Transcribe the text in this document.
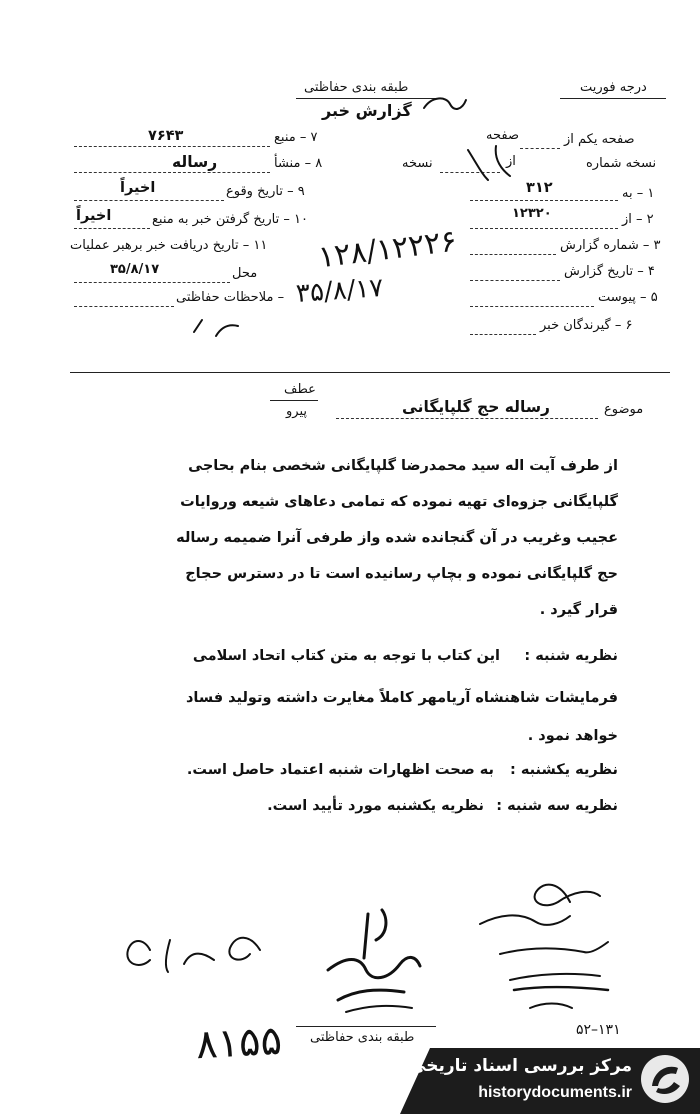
طبقه بندی حفاظتی
گزارش خبر
درجه فوریت
۷۶۴۳	۷ – منبع
رساله	۸ – منشأ
اخیراً	۹ – تاریخ وقوع
اخیراً	۱۰ – تاریخ گرفتن خبر به منبع
۱۱ – تاریخ دریافت خبر برهبر عملیات
۳۵/۸/۱۷	محل
– ملاحظات حفاظتی
صفحه یکم از
صفحه
نسخه شماره
از
نسخه
۳۱۲	۱ – به
۱۲۳۲۰	۲ – از
۳ – شماره گزارش
۴ – تاریخ گزارش
۵ – پیوست
۶ – گیرندگان خبر
۱۲۸/۱۲۲۲۶
۳۵/۸/۱۷
عطف
پیرو	موضوع
رساله حج گلپایگانی
از طرف آیت اله سید محمدرضا گلپایگانی شخصی بنام بحاجی
گلپایگانی جزوه‌ای تهیه نموده که تمامی دعاهای شیعه وروایات
عجیب وغریب در آن گنجانده شده واز طرفی آنرا ضمیمه رساله
حج گلپایگانی نموده و بچاپ رسانیده است تا در دسترس حجاج
قرار گیرد .
نظریه شنبه :
این کتاب با توجه به متن کتاب اتحاد اسلامی
فرمایشات شاهنشاه آریامهر کاملاً مغایرت داشته وتولید فساد
خواهد نمود .
نظریه یکشنبه :
به صحت اظهارات شنبه اعتماد حاصل است.
نظریه سه شنبه :
نظریه یکشنبه مورد تأیید است.
۸۱۵۵	۵۲–۱۳۱
طبقه بندی حفاظتی
مرکز بررسی اسناد تاریخی
historydocuments.ir
